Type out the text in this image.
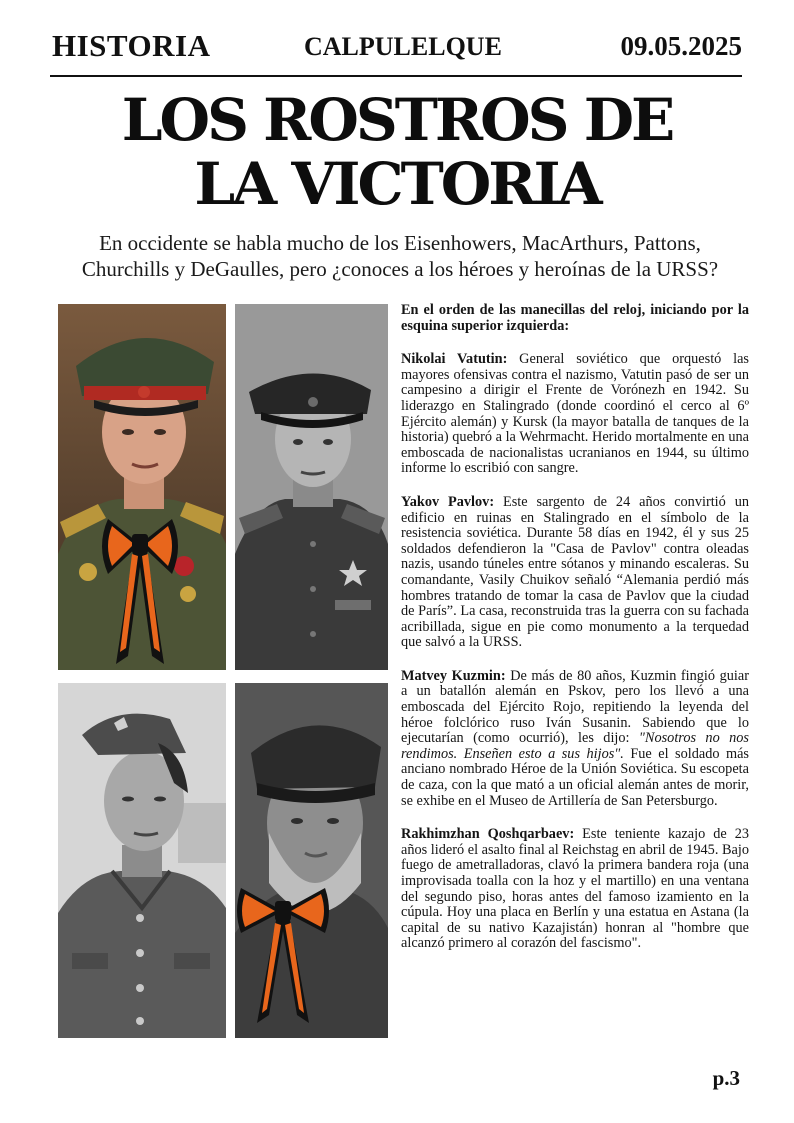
HISTORIA	CALPULELQUE	09.05.2025
LOS ROSTROS DE
LA VICTORIA
En occidente se habla mucho de los Eisenhowers, MacArthurs, Pattons,
Churchills y DeGaulles, pero ¿conoces a los héroes y heroínas de la URSS?

En el orden de las manecillas del reloj, iniciando por la esquina superior izquierda:

Nikolai Vatutin: General soviético que orquestó las mayores ofensivas contra el nazismo, Vatutin pasó de ser un campesino a dirigir el Frente de Vorónezh en 1942. Su liderazgo en Stalingrado (donde coordinó el cerco al 6º Ejército alemán) y Kursk (la mayor batalla de tanques de la historia) quebró a la Wehrmacht. Herido mortalmente en una emboscada de nacionalistas ucranianos en 1944, su último informe lo escribió con sangre.

Yakov Pavlov: Este sargento de 24 años convirtió un edificio en ruinas en Stalingrado en el símbolo de la resistencia soviética. Durante 58 días en 1942, él y sus 25 soldados defendieron la "Casa de Pavlov" contra oleadas nazis, usando túneles entre sótanos y minando escaleras. Su comandante, Vasily Chuikov señaló “Alemania perdió más hombres tratando de tomar la casa de Pavlov que la ciudad de París”. La casa, reconstruida tras la guerra con su fachada acribillada, sigue en pie como monumento a la terquedad que salvó a la URSS.

Matvey Kuzmin: De más de 80 años, Kuzmin fingió guiar a un batallón alemán en Pskov, pero los llevó a una emboscada del Ejército Rojo, repitiendo la leyenda del héroe folclórico ruso Iván Susanin. Sabiendo que lo ejecutarían (como ocurrió), les dijo: "Nosotros no nos rendimos. Enseñen esto a sus hijos". Fue el soldado más anciano nombrado Héroe de la Unión Soviética. Su escopeta de caza, con la que mató a un oficial alemán antes de morir, se exhibe en el Museo de Artillería de San Petersburgo.

Rakhimzhan Qoshqarbaev: Este teniente kazajo de 23 años lideró el asalto final al Reichstag en abril de 1945. Bajo fuego de ametralladoras, clavó la primera bandera roja (una improvisada toalla con la hoz y el martillo) en una ventana del segundo piso, horas antes del famoso izamiento en la cúpula. Hoy una placa en Berlín y una estatua en Astana (la capital de su nativo Kazajistán) honran al "hombre que alcanzó primero al corazón del fascismo".

p.3
